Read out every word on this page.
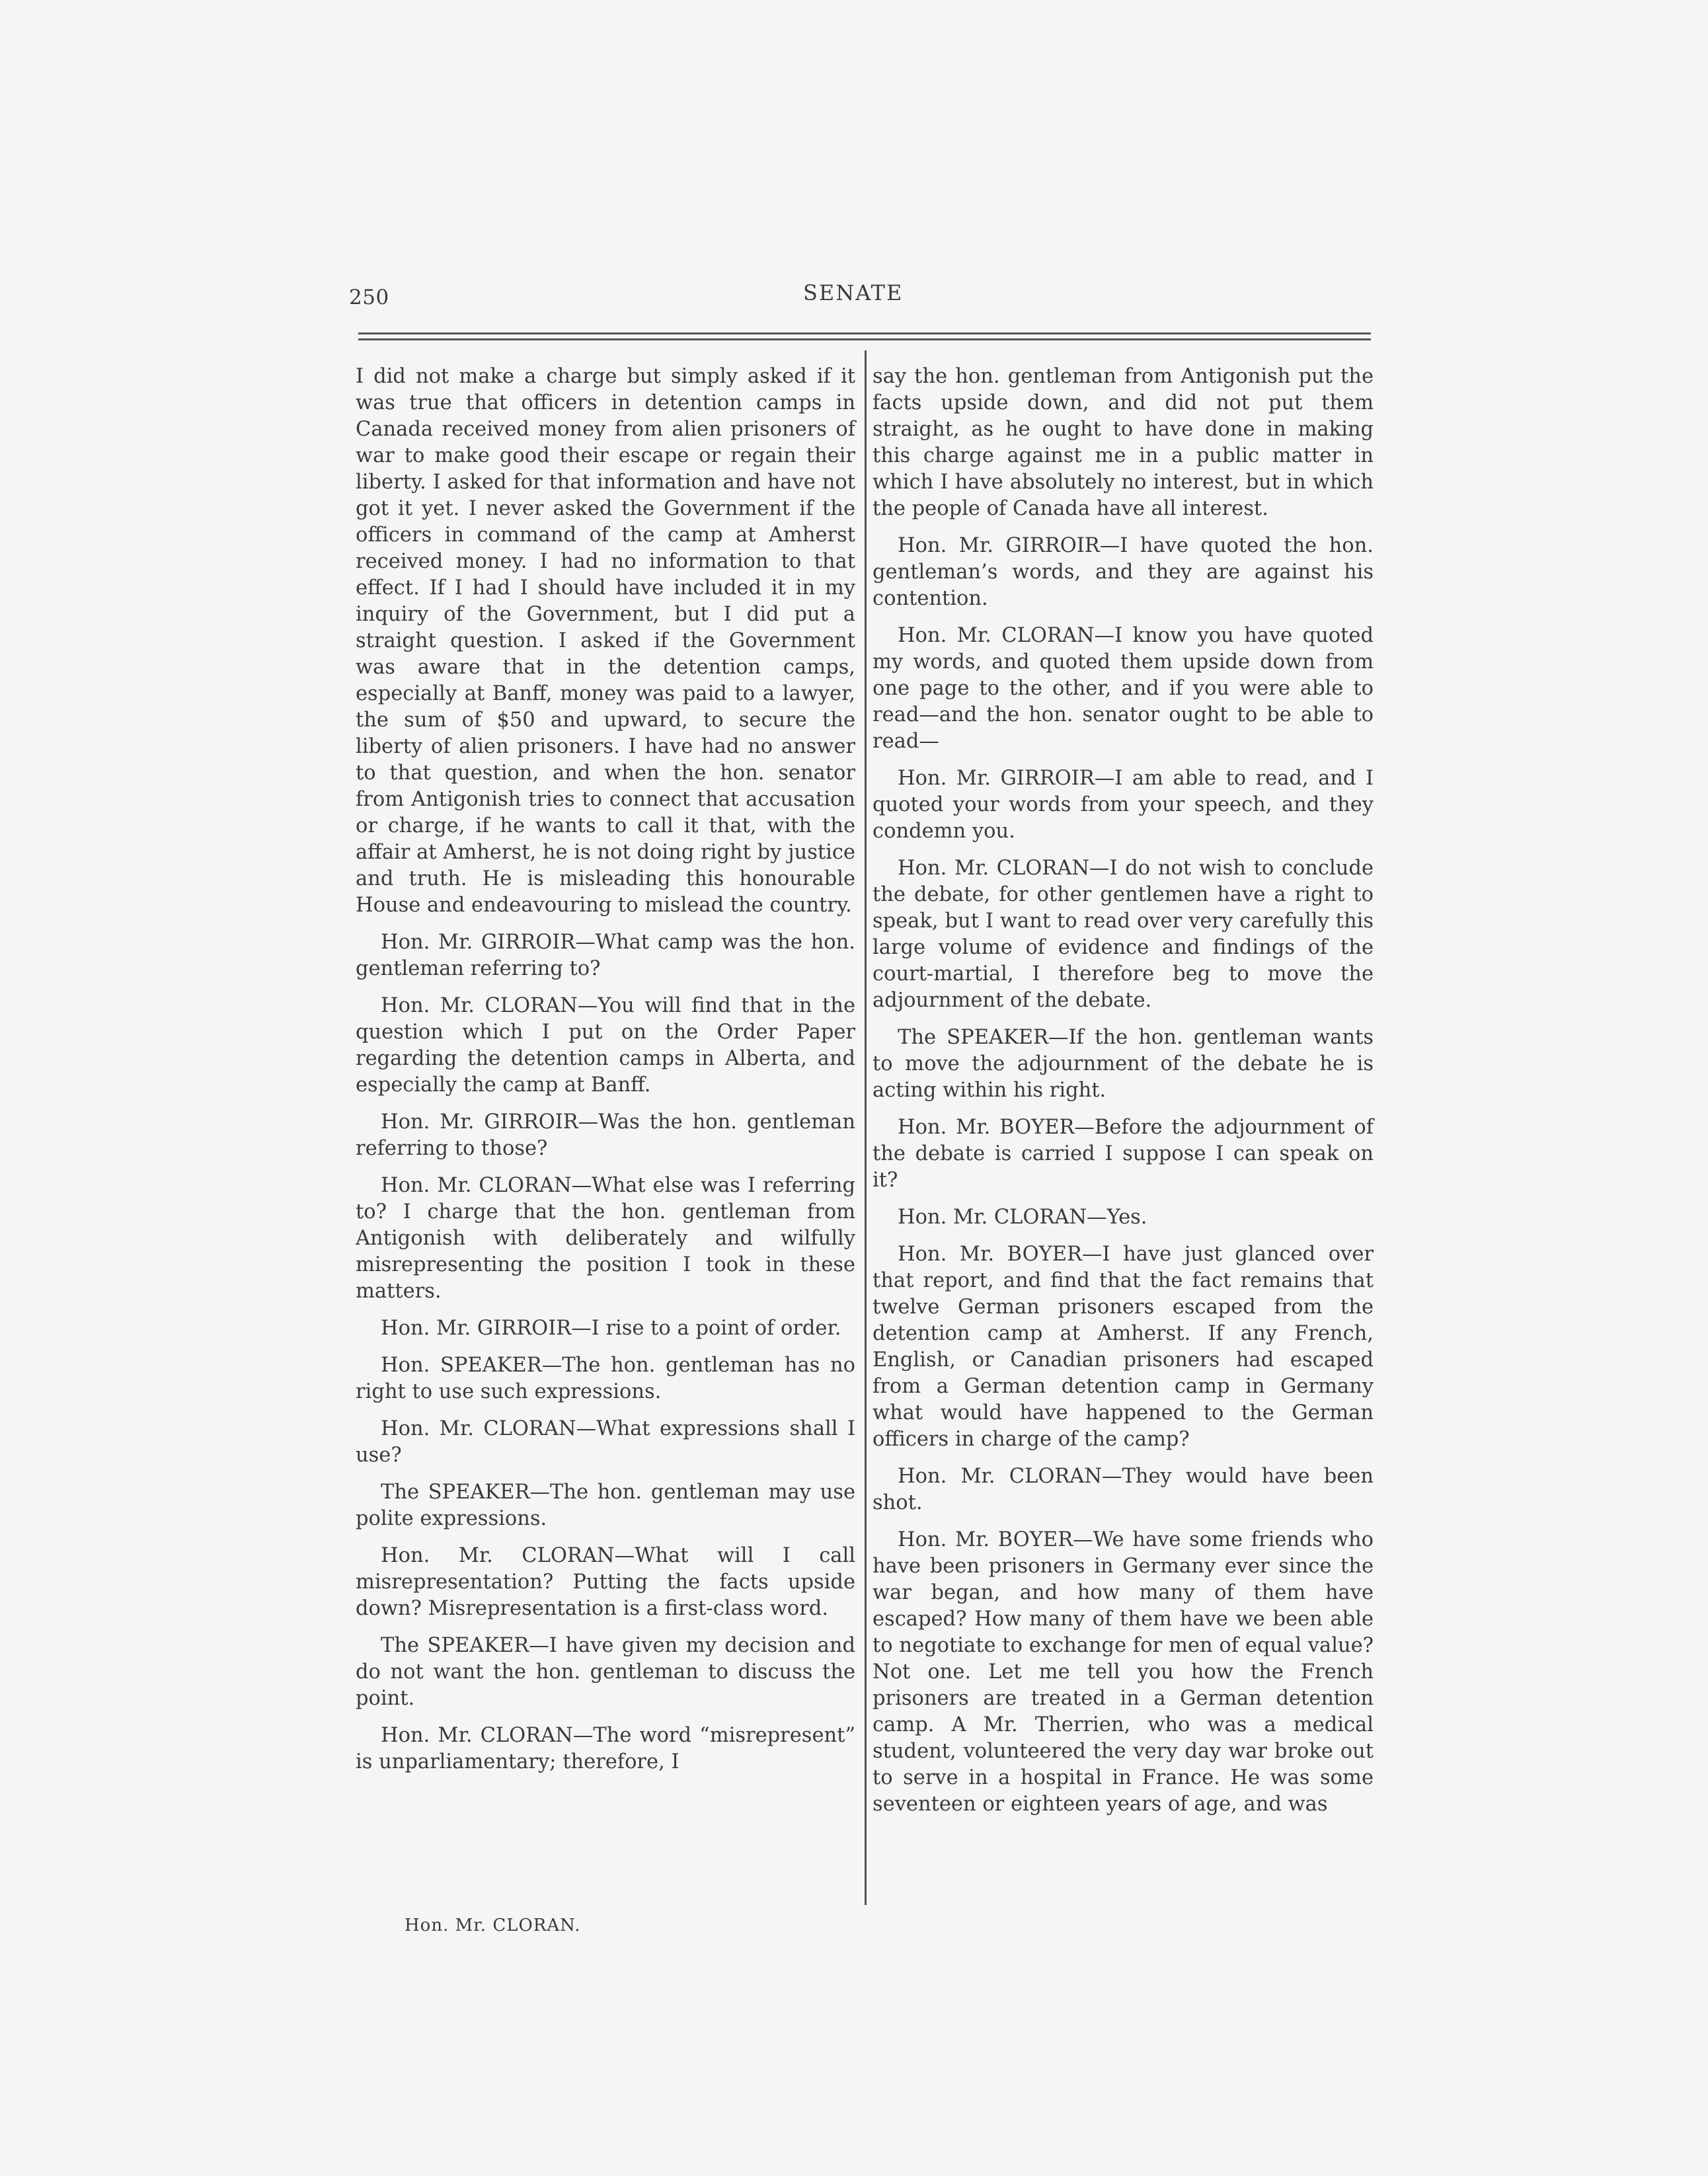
250	SENATE

I did not make a charge but simply asked if it was true that officers in detention camps in Canada received money from alien prisoners of war to make good their escape or regain their liberty. I asked for that information and have not got it yet. I never asked the Government if the officers in command of the camp at Amherst received money. I had no information to that effect. If I had I should have included it in my inquiry of the Government, but I did put a straight question. I asked if the Government was aware that in the detention camps, especially at Banff, money was paid to a lawyer, the sum of $50 and upward, to secure the liberty of alien prisoners. I have had no answer to that question, and when the hon. senator from Antigonish tries to connect that accusation or charge, if he wants to call it that, with the affair at Amherst, he is not doing right by justice and truth. He is misleading this honourable House and endeavouring to mislead the country.

Hon. Mr. GIRROIR—What camp was the hon. gentleman referring to?

Hon. Mr. CLORAN—You will find that in the question which I put on the Order Paper regarding the detention camps in Alberta, and especially the camp at Banff.

Hon. Mr. GIRROIR—Was the hon. gentleman referring to those?

Hon. Mr. CLORAN—What else was I referring to? I charge that the hon. gentleman from Antigonish with deliberately and wilfully misrepresenting the position I took in these matters.

Hon. Mr. GIRROIR—I rise to a point of order.

Hon. SPEAKER—The hon. gentleman has no right to use such expressions.

Hon. Mr. CLORAN—What expressions shall I use?

The SPEAKER—The hon. gentleman may use polite expressions.

Hon. Mr. CLORAN—What will I call misrepresentation? Putting the facts upside down? Misrepresentation is a first-class word.

The SPEAKER—I have given my decision and do not want the hon. gentleman to discuss the point.

Hon. Mr. CLORAN—The word “misrepresent” is unparliamentary; therefore, I

say the hon. gentleman from Antigonish put the facts upside down, and did not put them straight, as he ought to have done in making this charge against me in a public matter in which I have absolutely no interest, but in which the people of Canada have all interest.

Hon. Mr. GIRROIR—I have quoted the hon. gentleman’s words, and they are against his contention.

Hon. Mr. CLORAN—I know you have quoted my words, and quoted them upside down from one page to the other, and if you were able to read—and the hon. senator ought to be able to read—

Hon. Mr. GIRROIR—I am able to read, and I quoted your words from your speech, and they condemn you.

Hon. Mr. CLORAN—I do not wish to conclude the debate, for other gentlemen have a right to speak, but I want to read over very carefully this large volume of evidence and findings of the court-martial, I therefore beg to move the adjournment of the debate.

The SPEAKER—If the hon. gentleman wants to move the adjournment of the debate he is acting within his right.

Hon. Mr. BOYER—Before the adjournment of the debate is carried I suppose I can speak on it?

Hon. Mr. CLORAN—Yes.

Hon. Mr. BOYER—I have just glanced over that report, and find that the fact remains that twelve German prisoners escaped from the detention camp at Amherst. If any French, English, or Canadian prisoners had escaped from a German detention camp in Germany what would have happened to the German officers in charge of the camp?

Hon. Mr. CLORAN—They would have been shot.

Hon. Mr. BOYER—We have some friends who have been prisoners in Germany ever since the war began, and how many of them have escaped? How many of them have we been able to negotiate to exchange for men of equal value? Not one. Let me tell you how the French prisoners are treated in a German detention camp. A Mr. Therrien, who was a medical student, volunteered the very day war broke out to serve in a hospital in France. He was some seventeen or eighteen years of age, and was

Hon. Mr. CLORAN.
